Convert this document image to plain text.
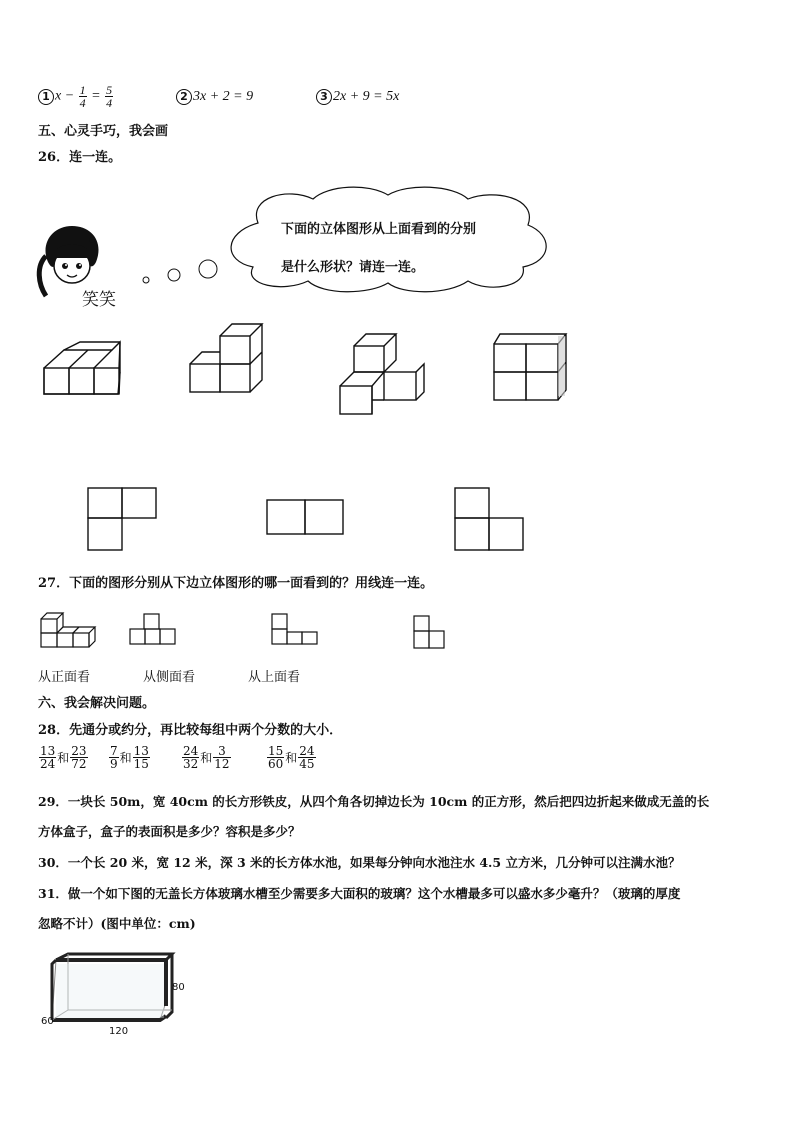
1 $x - \frac{1}{4} = \frac{5}{4}$	2 3x + 2 = 9	3 2x + 9 = 5x
五、心灵手巧，我会画
26．连一连。
笑笑
下面的立体图形从上面看到的分别
是什么形状？请连一连。
27．下面的图形分别从下边立体图形的哪一面看到的？用线连一连。
从正面看	从侧面看	从上面看
六、我会解决问题。
28．先通分或约分，再比较每组中两个分数的大小．
$\frac{13}{24}$ 和 $\frac{23}{72} \frac{7}{9}$ 和 $\frac{13}{15}$	$\frac{24}{32}$ 和 $\frac{3}{12}$	$\frac{15}{60}$ 和 $\frac{24}{45}$
29．一块长 50m，宽 40cm 的长方形铁皮，从四个角各切掉边长为 10cm 的正方形，然后把四边折起来做成无盖的长
方体盒子，盒子的表面积是多少？容积是多少？
30．一个长 20 米，宽 12 米，深 3 米的长方体水池，如果每分钟向水池注水 4.5 立方米，几分钟可以注满水池？
31．做一个如下图的无盖长方体玻璃水槽至少需要多大面积的玻璃？这个水槽最多可以盛水多少毫升？（玻璃的厚度
忽略不计）(图中单位：cm)
80
60
120
